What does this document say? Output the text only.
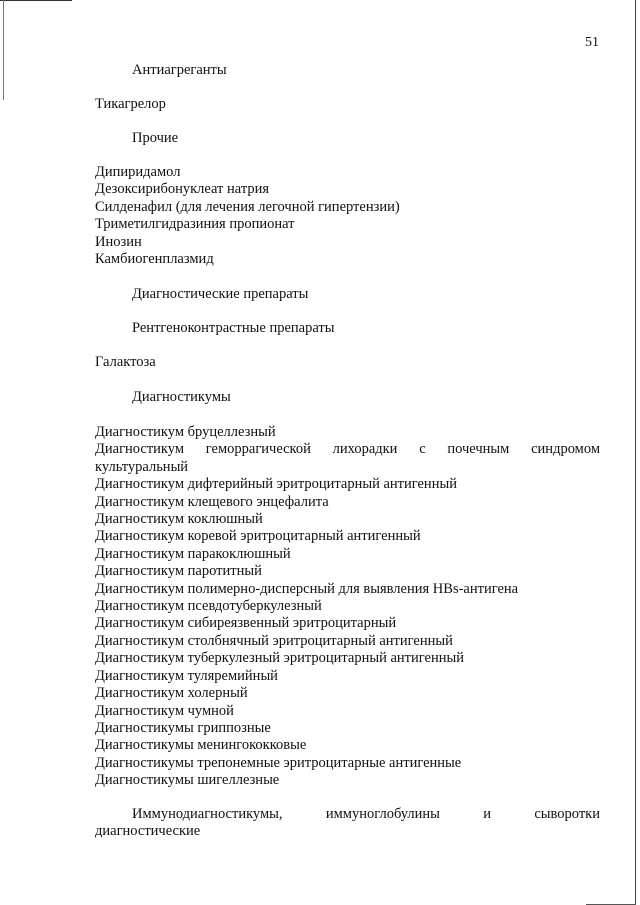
51
Антиагреганты
Тикагрелор
Прочие
Дипиридамол
Дезоксирибонуклеат натрия
Силденафил (для лечения легочной гипертензии)
Триметилгидразиния пропионат
Инозин
Камбиогенплазмид
Диагностические препараты
Рентгеноконтрастные препараты
Галактоза
Диагностикумы
Диагностикум бруцеллезный
Диагностикум геморрагической лихорадки с почечным синдромом
культуральный
Диагностикум дифтерийный эритроцитарный антигенный
Диагностикум клещевого энцефалита
Диагностикум коклюшный
Диагностикум коревой эритроцитарный антигенный
Диагностикум паракоклюшный
Диагностикум паротитный
Диагностикум полимерно-дисперсный для выявления HBs-антигена
Диагностикум псевдотуберкулезный
Диагностикум сибиреязвенный эритроцитарный
Диагностикум столбнячный эритроцитарный антигенный
Диагностикум туберкулезный эритроцитарный антигенный
Диагностикум туляремийный
Диагностикум холерный
Диагностикум чумной
Диагностикумы гриппозные
Диагностикумы менингококковые
Диагностикумы трепонемные эритроцитарные антигенные
Диагностикумы шигеллезные
Иммунодиагностикумы,	иммуноглобулины	и	сыворотки
диагностические
